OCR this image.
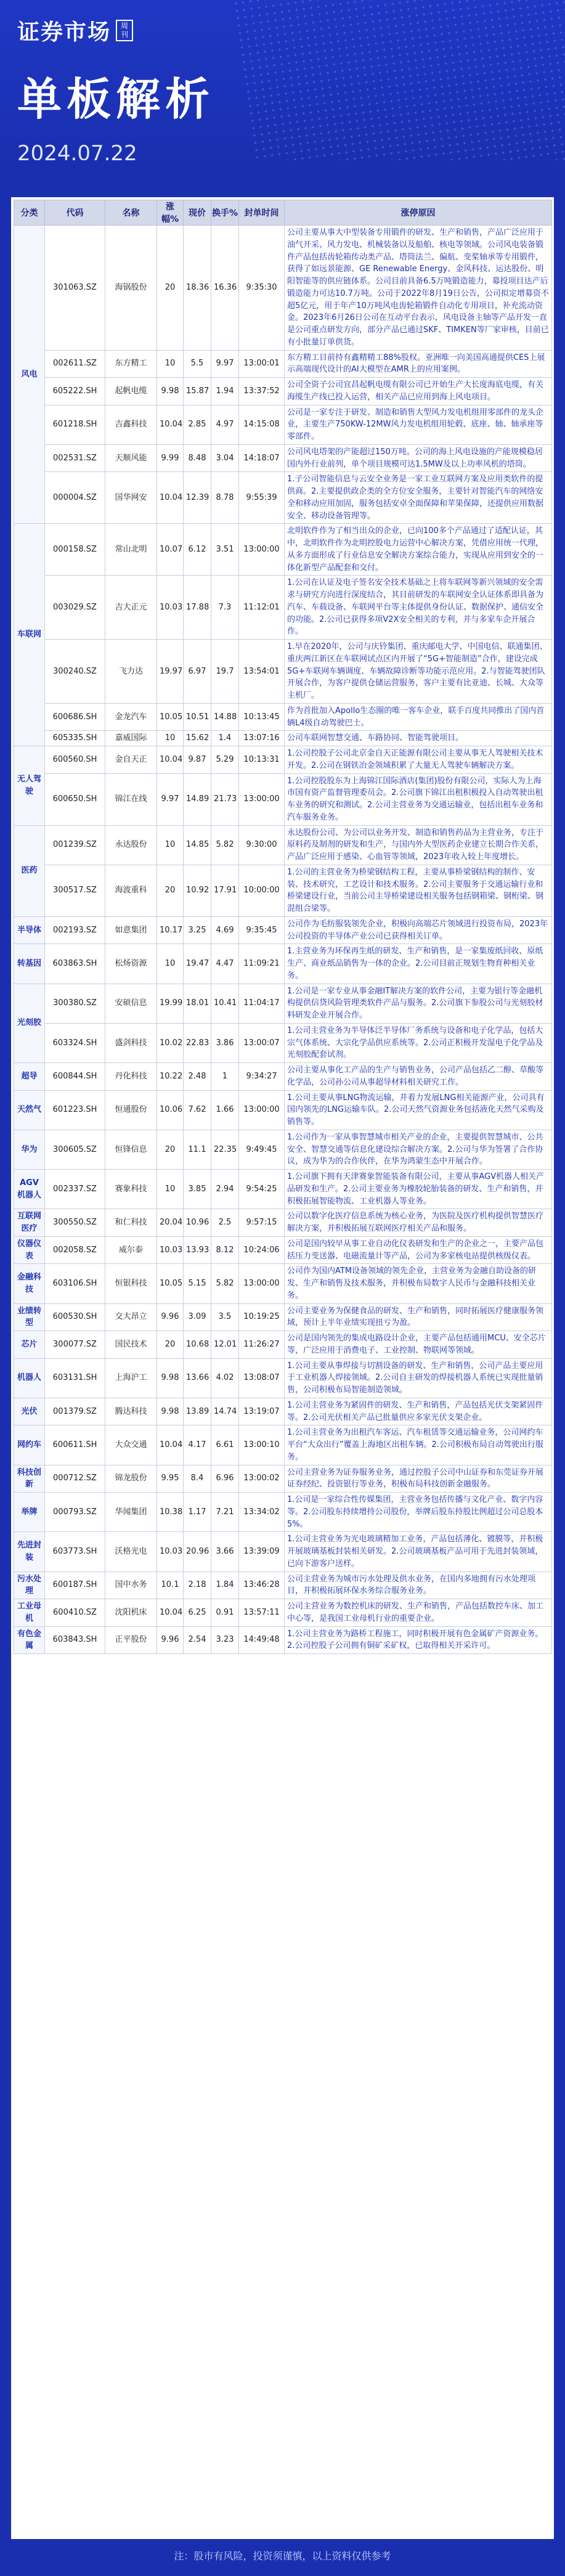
证券市场	周刊
单板解析
2024.07.22
分类	代码	名称	涨幅%	现价	换手%	封单时间	涨停原因
风电	301063.SZ	海锅股份	20	18.36	16.36	9:35:30	公司主要从事大中型装备专用锻件的研发、生产和销售，产品广泛应用于油气开采、风力发电、机械装备以及船舶、核电等领域。公司风电装备锻件产品包括齿轮箱传动类产品、塔筒法兰、偏航、变桨轴承等专用锻件，获得了如远景能源、GE Renewable Energy、金风科技、运达股份、明阳智能等的供应链体系。公司目前具备6.5万吨锻造能力，募投项目达产后锻造能力可达10.7万吨。公司于2022年8月19日公告，公司拟定增募资不超5亿元，用于年产10万吨风电齿轮箱锻件自动化专用项目，补充流动资金。2023年6月26日公司在互动平台表示，风电设备主轴等产品开发一直是公司重点研发方向，部分产品已通过SKF、TIMKEN等厂家审核，目前已有小批量订单供货。
	002611.SZ	东方精工	10	5.5	9.97	13:00:01	东方精工目前持有鑫精精工88%股权。亚洲唯一向美国高通提供CES上展示高端现代设计的AI大模型在AMR上的应用案例。
	605222.SH	起帆电缆	9.98	15.87	1.94	13:37:52	公司全资子公司宜昌起帆电缆有限公司已开始生产大长度海底电缆，有关海缆生产线已投入运营，相关产品已应用到海上风电项目。
	601218.SH	吉鑫科技	10.04	2.85	4.97	14:15:08	公司是一家专注于研发、制造和销售大型风力发电机组用零部件的龙头企业，主要生产750KW-12MW风力发电机组用轮毂、底座、轴、轴承座等零部件。
	002531.SZ	天顺风能	9.99	8.48	3.04	14:18:07	公司风电塔架的产能超过150万吨。公司的海上风电设施的产能规模稳居国内外行业前列，单个项目规模可达1.5MW及以上功率风机的塔筒。
	000004.SZ	国华网安	10.04	12.39	8.78	9:55:39	1.子公司智能信息与云安全业务是一家工业互联网方案及应用类软件的提供商。2.主要提供政企类的全方位安全服务，主要针对智能汽车的网络安全和移动应用加固，服务包括安卓全面保障和苹果保障，还提供应用数据安全、移动设备管理等。
车联网	000158.SZ	常山北明	10.07	6.12	3.51	13:00:00	北明软件作为了相当出众的企业，已向100多个产品通过了适配认证，其中，北明软件作为北明控股电力运营中心解决方案，凭借应用统一代理，从多方面形成了行业信息安全解决方案综合能力，实现从应用到安全的一体化新型产品配套和交付。
	003029.SZ	吉大正元	10.03	17.88	7.3	11:12:01	1.公司在认证及电子签名安全技术基础之上将车联网等新兴领域的安全需求与研究方向进行深度结合，其目前研发的车联网安全认证体系即具备为汽车、车载设备、车联网平台等主体提供身份认证、数据保护、通信安全的功能。2.公司已获得多项V2X安全相关的专利，并与多家车企开展合作。
	300240.SZ	飞力达	19.97	6.97	19.7	13:54:01	1.早在2020年，公司与庆铃集团、重庆邮电大学、中国电信、联通集团、重庆两江新区在车联网试点区内开展了“5G+智能制造”合作，建设完成5G+车联网车辆调度、车辆故障诊断等功能示范应用。2.与智能驾驶团队开展合作，为客户提供仓储运营服务，客户主要有比亚迪、长城、大众等主机厂。
	600686.SH	金龙汽车	10.05	10.51	14.88	10:13:45	作为首批加入Apollo生态圈的唯一客车企业，联手百度共同推出了国内首辆L4级自动驾驶巴士。
	605335.SH	嘉威国际	10	15.62	1.4	13:07:16	公司车联网智慧交通、车路协同、智能驾驶项目。
无人驾驶	600560.SH	金自天正	10.04	9.87	5.29	10:13:31	1.公司控股子公司北京金自天正能源有限公司主要从事无人驾驶相关技术开发。2.公司在钢铁冶金领域积累了大量无人驾驶车辆解决方案。
	600650.SH	锦江在线	9.97	14.89	21.73	13:00:00	1.公司控股股东为上海锦江国际酒店(集团)股份有限公司，实际人为上海市国有资产监督管理委员会。2.公司旗下锦江出租积极投入自动驾驶出租车业务的研究和测试。2.公司主营业务为交通运输业，包括出租车业务和汽车服务业务。
医药	001239.SZ	永达股份	10	14.85	5.82	9:30:00	永达股份公司、为公司以业务开发、制造和销售药品为主营业务，专注于原料药及制剂的研发和生产，与国内外大型医药企业建立长期合作关系，产品广泛应用于感染、心血管等领域，2023年收入较上年度增长。
	300517.SZ	海波重科	20	10.92	17.91	10:00:00	1.公司的主营业务为桥梁钢结构工程，主要从事桥梁钢结构的制作、安装、技术研究，工艺设计和技术服务。2.公司主要服务于交通运输行业和桥梁建设行业，当前公司主导桥梁建设相关服务包括钢箱梁、钢桁梁、钢混组合梁等。
半导体	002193.SZ	如意集团	10.17	3.25	4.69	9:35:45	公司作为毛纺服装领先企业，积极向高端芯片领域进行投资布局，2023年公司投资的半导体产业公司已获得相关订单。
转基因	603863.SH	松炀资源	10	19.47	4.47	11:09:21	1.主营业务为环保再生纸的研发、生产和销售，是一家集废纸回收、原纸生产、商业纸品销售为一体的企业。2.公司目前正规划生物育种相关业务。
光刻胶	300380.SZ	安硕信息	19.99	18.01	10.41	11:04:17	1.公司是一家专业从事金融IT解决方案的软件公司，主要为银行等金融机构提供信贷风险管理类软件产品与服务。2.公司旗下参股公司与光刻胶材料研发企业开展合作。
	603324.SH	盛剑科技	10.02	22.83	3.86	13:00:07	1.公司主营业务为半导体泛半导体厂务系统与设备和电子化学品，包括大宗气体系统、大宗化学品供应系统等。2.公司正积极开发湿电子化学品及光刻胶配套试剂。
超导	600844.SH	丹化科技	10.22	2.48	1	9:34:27	公司主要从事化工产品的生产与销售业务，公司产品包括乙二醇、草酸等化学品，公司孙公司从事超导材料相关研究工作。
天然气	601223.SH	恒通股份	10.06	7.62	1.66	13:00:00	1.公司主要从事LNG物流运输，并着力发展LNG相关能源产业，公司具有国内领先的LNG运输车队。2.公司天然气资源业务包括液化天然气采购及销售等。
华为	300605.SZ	恒锋信息	20	11.1	22.35	9:49:45	1.公司作为一家从事智慧城市相关产业的企业，主要提供智慧城市、公共安全、智慧交通等信息化建设综合解决方案。2.公司与华为签署了合作协议，成为华为的合作伙伴，在华为鸿蒙生态中开展合作。
AGV机器人	002337.SZ	赛象科技	10	3.85	2.94	9:54:25	1.公司旗下拥有天津赛象智能装备有限公司，主要从事AGV机器人相关产品研发和生产。2.公司主要业务为橡胶轮胎装备的研发、生产和销售，并积极拓展智能物流、工业机器人等业务。
互联网医疗	300550.SZ	和仁科技	20.04	10.96	2.5	9:57:15	公司以数字化医疗信息系统为核心业务，为医院及医疗机构提供智慧医疗解决方案，并积极拓展互联网医疗相关产品和服务。
仪器仪表	002058.SZ	威尔泰	10.03	13.93	8.12	10:24:06	公司是国内较早从事工业自动化仪表研发和生产的企业之一，主要产品包括压力变送器、电磁流量计等产品，公司为多家核电站提供核级仪表。
金融科技	603106.SH	恒银科技	10.05	5.15	5.82	13:00:00	公司作为国内ATM设备领域的领先企业，主营业务为金融自助设备的研发、生产和销售及技术服务，并积极布局数字人民币与金融科技相关业务。
业绩转型	600530.SH	交大昂立	9.96	3.09	3.5	10:19:25	公司主要业务为保健食品的研发、生产和销售，同时拓展医疗健康服务领域，预计上半年业绩实现扭亏为盈。
芯片	300077.SZ	国民技术	20	10.68	12.01	11:26:27	公司是国内领先的集成电路设计企业，主要产品包括通用MCU、安全芯片等，广泛应用于消费电子、工业控制、物联网等领域。
机器人	603131.SH	上海沪工	9.98	13.66	4.02	13:08:07	1.公司主要从事焊接与切割设备的研发、生产和销售，公司产品主要应用于工业机器人焊接领域。2.公司自主研发的焊接机器人系统已实现批量销售，公司积极布局智能制造领域。
光伏	001379.SZ	腾达科技	9.98	13.89	14.74	13:19:07	1.公司主营业务为紧固件的研发、生产和销售，产品包括光伏支架紧固件等。2.公司光伏相关产品已批量供应多家光伏支架企业。
网约车	600611.SH	大众交通	10.04	4.17	6.61	13:00:10	1.公司主营业务为出租汽车客运、汽车租赁等交通运输业务，公司网约车平台“大众出行”覆盖上海地区出租车辆。2.公司积极布局自动驾驶出行服务。
科技创新	000712.SZ	锦龙股份	9.95	8.4	6.96	13:00:02	公司主营业务为证券服务业务，通过控股子公司中山证券和东莞证券开展证券经纪、投资银行等业务，积极布局科技创新金融服务。
举牌	000793.SZ	华闻集团	10.38	1.17	7.21	13:34:02	1.公司是一家综合性传媒集团，主营业务包括传播与文化产业、数字内容等。2.公司股东持续增持公司股份，举牌后股东持股比例超过公司总股本5%。
先进封装	603773.SH	沃格光电	10.03	20.96	3.66	13:39:09	1.公司主营业务为光电玻璃精加工业务，产品包括薄化、镀膜等，并积极开展玻璃基板封装相关研发。2.公司玻璃基板产品可用于先进封装领域，已向下游客户送样。
污水处理	600187.SH	国中水务	10.1	2.18	1.84	13:46:28	公司主营业务为城市污水处理及供水业务，在国内多地拥有污水处理项目，并积极拓展环保水务综合服务业务。
工业母机	600410.SZ	沈阳机床	10.04	6.25	0.91	13:57:11	公司主营业务为数控机床的研发、生产和销售，产品包括数控车床、加工中心等，是我国工业母机行业的重要企业。
有色金属	603843.SH	正平股份	9.96	2.54	3.23	14:49:48	1.公司主营业务为路桥工程施工，同时积极开展有色金属矿产资源业务。2.公司控股子公司拥有铜矿采矿权，已取得相关开采许可。
注：股市有风险，投资须谨慎，以上资料仅供参考
